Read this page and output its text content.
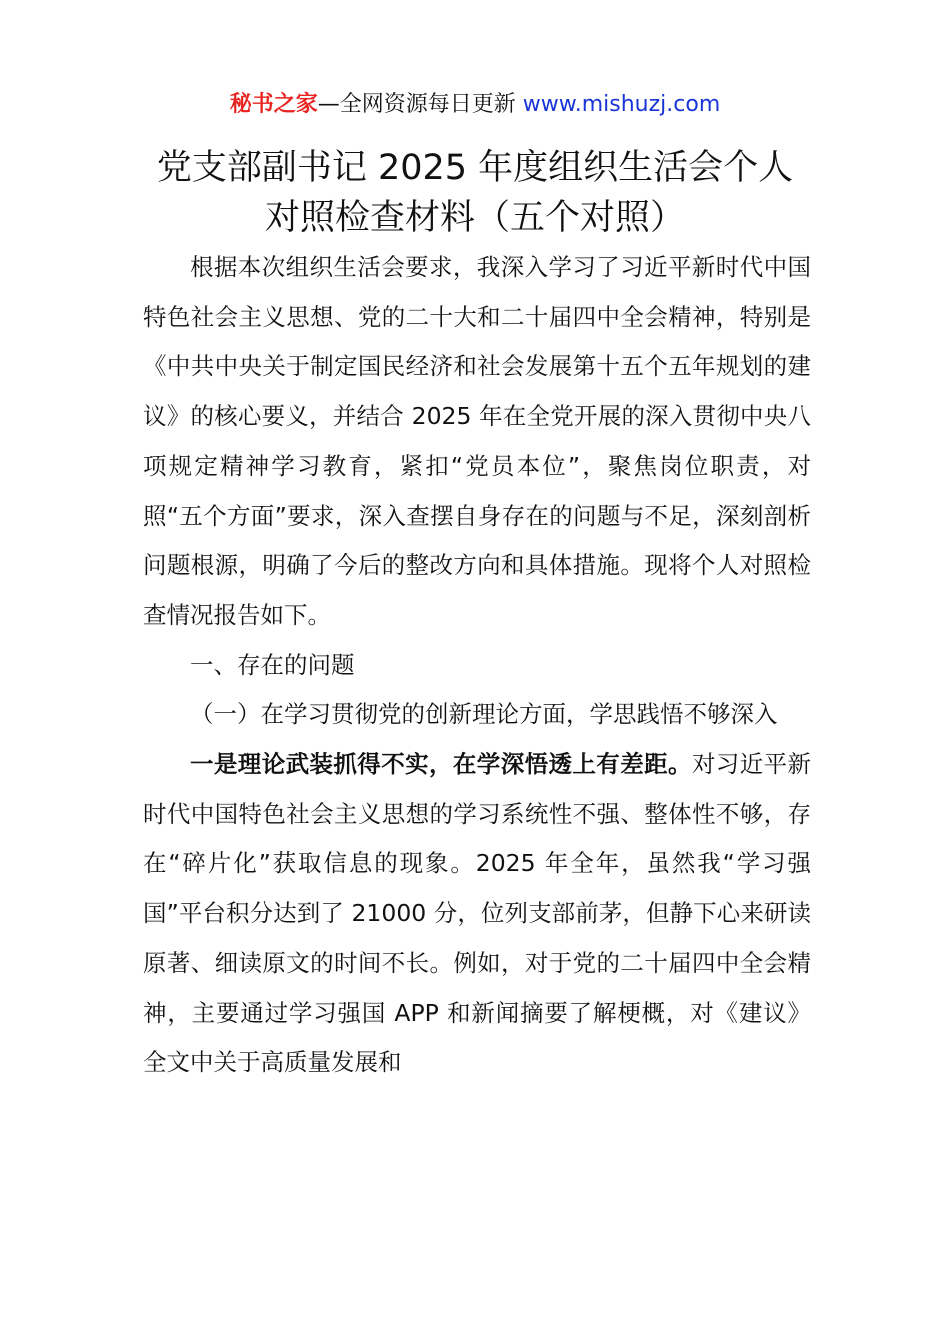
秘书之家—全网资源每日更新 www.mishuzj.com
党支部副书记 2025 年度组织生活会个人
对照检查材料（五个对照）

根据本次组织生活会要求，我深入学习了习近平新时代中国特色社会主义思想、党的二十大和二十届四中全会精神，特别是《中共中央关于制定国民经济和社会发展第十五个五年规划的建议》的核心要义，并结合 2025 年在全党开展的深入贯彻中央八项规定精神学习教育，紧扣“党员本位”，聚焦岗位职责，对照“五个方面”要求，深入查摆自身存在的问题与不足，深刻剖析问题根源，明确了今后的整改方向和具体措施。现将个人对照检查情况报告如下。

一、存在的问题

（一）在学习贯彻党的创新理论方面，学思践悟不够深入

一是理论武装抓得不实，在学深悟透上有差距。对习近平新时代中国特色社会主义思想的学习系统性不强、整体性不够，存在“碎片化”获取信息的现象。2025 年全年，虽然我“学习强国”平台积分达到了 21000 分，位列支部前茅，但静下心来研读原著、细读原文的时间不长。例如，对于党的二十届四中全会精神，主要通过学习强国 APP 和新闻摘要了解梗概，对《建议》全文中关于高质量发展和
